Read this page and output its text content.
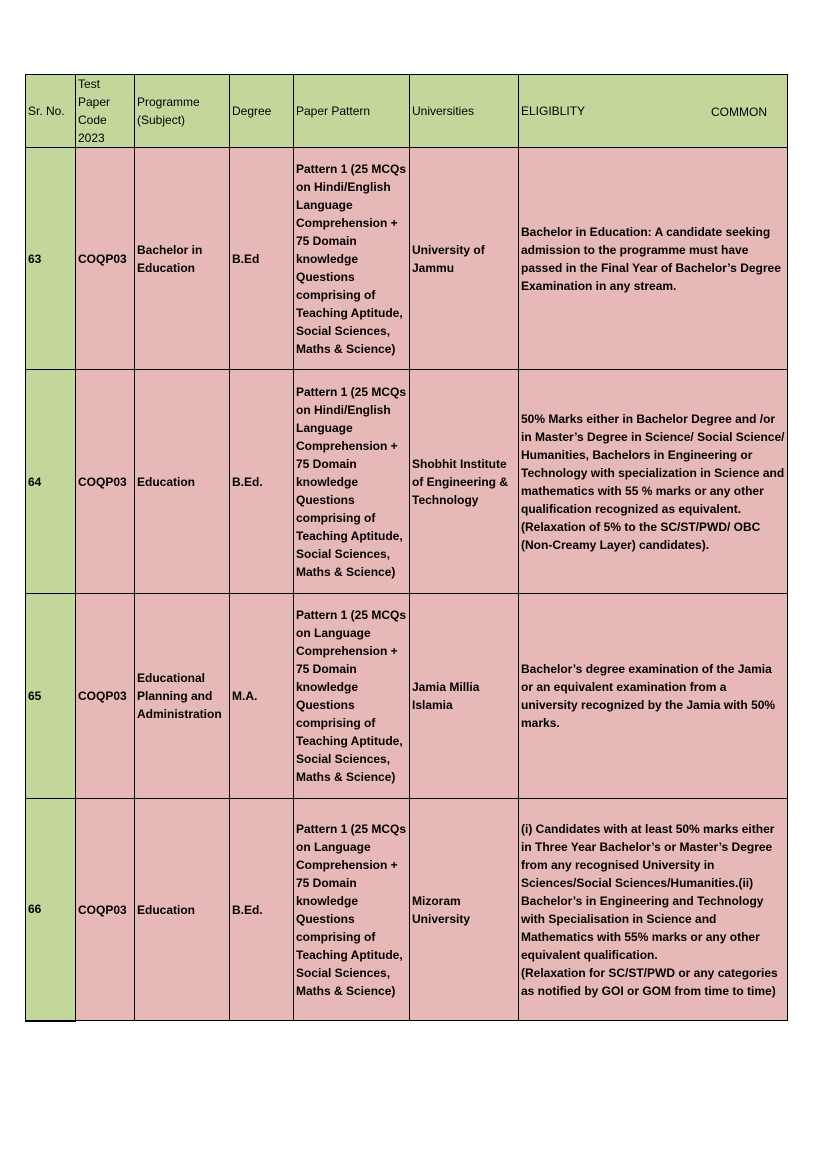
Sr. No.	Test Paper Code 2023	Programme (Subject)	Degree	Paper Pattern	Universities	ELIGIBLITY COMMON

63	COQP03	Bachelor in Education	B.Ed	Pattern 1 (25 MCQs on Hindi/English Language Comprehension + 75 Domain knowledge Questions comprising of Teaching Aptitude, Social Sciences, Maths & Science)	University of Jammu	Bachelor in Education: A candidate seeking admission to the programme must have passed in the Final Year of Bachelor’s Degree Examination in any stream.
64	COQP03	Education	B.Ed.	Pattern 1 (25 MCQs on Hindi/English Language Comprehension + 75 Domain knowledge Questions comprising of Teaching Aptitude, Social Sciences, Maths & Science)	Shobhit Institute of Engineering & Technology	50% Marks either in Bachelor Degree and /or in Master’s Degree in Science/ Social Science/ Humanities, Bachelors in Engineering or Technology with specialization in Science and mathematics with 55 % marks or any other qualification recognized as equivalent. (Relaxation of 5% to the SC/ST/PWD/ OBC (Non-Creamy Layer) candidates).
65	COQP03	Educational Planning and Administration	M.A.	Pattern 1 (25 MCQs on Language Comprehension + 75 Domain knowledge Questions comprising of Teaching Aptitude, Social Sciences, Maths & Science)	Jamia Millia Islamia	Bachelor’s degree examination of the Jamia or an equivalent examination from a university recognized by the Jamia with 50% marks.
66	COQP03	Education	B.Ed.	Pattern 1 (25 MCQs on Language Comprehension + 75 Domain knowledge Questions comprising of Teaching Aptitude, Social Sciences, Maths & Science)	Mizoram University	(i) Candidates with at least 50% marks either in Three Year Bachelor’s or Master’s Degree from any recognised University in Sciences/Social Sciences/Humanities.(ii) Bachelor’s in Engineering and Technology with Specialisation in Science and Mathematics with 55% marks or any other equivalent qualification.
(Relaxation for SC/ST/PWD or any categories as notified by GOI or GOM from time to time)
